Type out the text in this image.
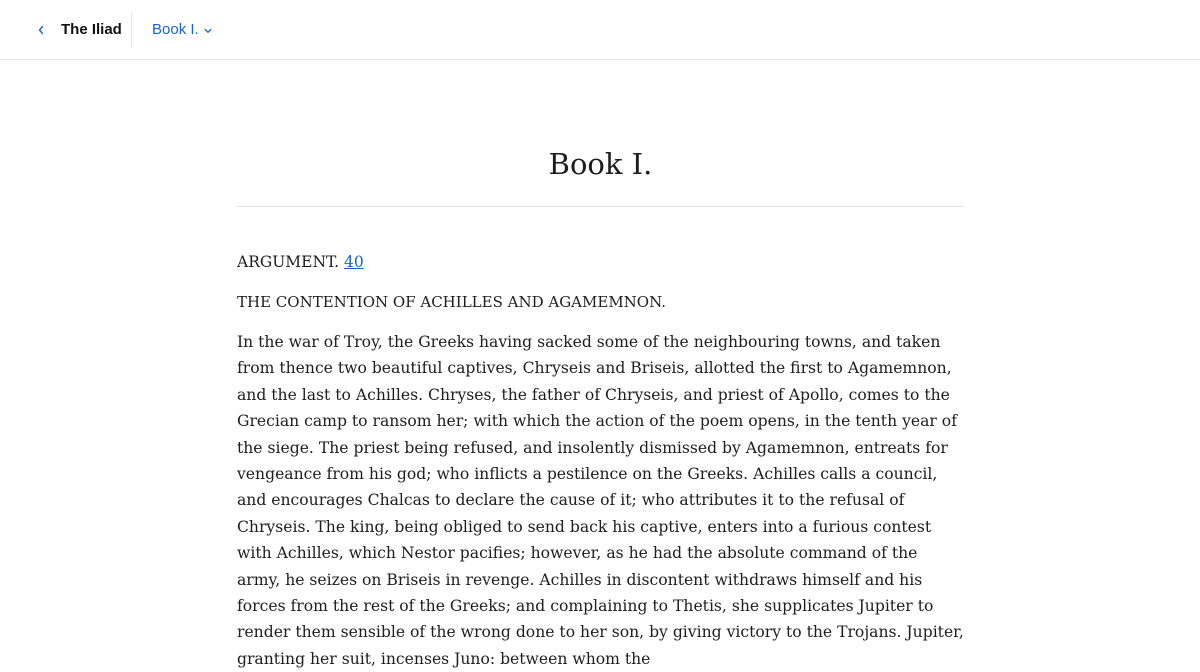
The Iliad Book I.
Book I.
ARGUMENT. 40
THE CONTENTION OF ACHILLES AND AGAMEMNON.

In the war of Troy, the Greeks having sacked some of the neighbouring towns, and taken from thence two beautiful captives, Chryseis and Briseis, allotted the first to Agamemnon, and the last to Achilles. Chryses, the father of Chryseis, and priest of Apollo, comes to the Grecian camp to ransom her; with which the action of the poem opens, in the tenth year of the siege. The priest being refused, and insolently dismissed by Agamemnon, entreats for vengeance from his god; who inflicts a pestilence on the Greeks. Achilles calls a council, and encourages Chalcas to declare the cause of it; who attributes it to the refusal of Chryseis. The king, being obliged to send back his captive, enters into a furious contest with Achilles, which Nestor pacifies; however, as he had the absolute command of the army, he seizes on Briseis in revenge. Achilles in discontent withdraws himself and his forces from the rest of the Greeks; and complaining to Thetis, she supplicates Jupiter to render them sensible of the wrong done to her son, by giving victory to the Trojans. Jupiter, granting her suit, incenses Juno: between whom the
